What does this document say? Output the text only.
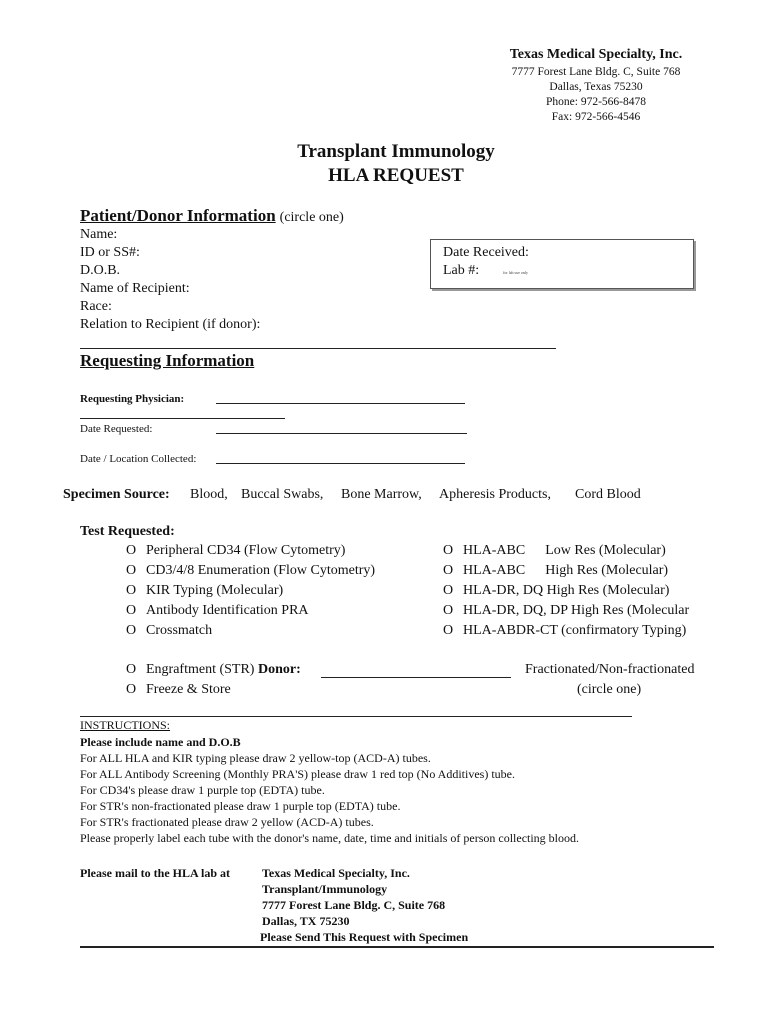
Texas Medical Specialty, Inc.
7777 Forest Lane Bldg. C, Suite 768
Dallas, Texas 75230
Phone: 972-566-8478
Fax: 972-566-4546
Transplant Immunology
HLA REQUEST
Patient/Donor Information (circle one)
Name:
ID or SS#:
D.O.B.
Name of Recipient:
Race:
Relation to Recipient (if donor):
Date Received:
Lab #:	for lab use only
Requesting Information
Requesting Physician:
Date Requested:
Date / Location Collected:
Specimen Source: Blood, Buccal Swabs, Bone Marrow, Apheresis Products, Cord Blood
Test Requested:
O Peripheral CD34 (Flow Cytometry)
O CD3/4/8 Enumeration (Flow Cytometry)
O KIR Typing (Molecular)
O Antibody Identification PRA
O Crossmatch
O HLA-ABC Low Res (Molecular)
O HLA-ABC High Res (Molecular)
O HLA-DR, DQ High Res (Molecular)
O HLA-DR, DQ, DP High Res (Molecular
O HLA-ABDR-CT (confirmatory Typing)
O Engraftment (STR) Donor:	Fractionated/Non-fractionated
(circle one)
O Freeze & Store
INSTRUCTIONS:
Please include name and D.O.B
For ALL HLA and KIR typing please draw 2 yellow-top (ACD-A) tubes.
For ALL Antibody Screening (Monthly PRA'S) please draw 1 red top (No Additives) tube.
For CD34's please draw 1 purple top (EDTA) tube.
For STR's non-fractionated please draw 1 purple top (EDTA) tube.
For STR's fractionated please draw 2 yellow (ACD-A) tubes.
Please properly label each tube with the donor's name, date, time and initials of person collecting blood.
Please mail to the HLA lab at	Texas Medical Specialty, Inc.
Transplant/Immunology
7777 Forest Lane Bldg. C, Suite 768
Dallas, TX 75230
Please Send This Request with Specimen
